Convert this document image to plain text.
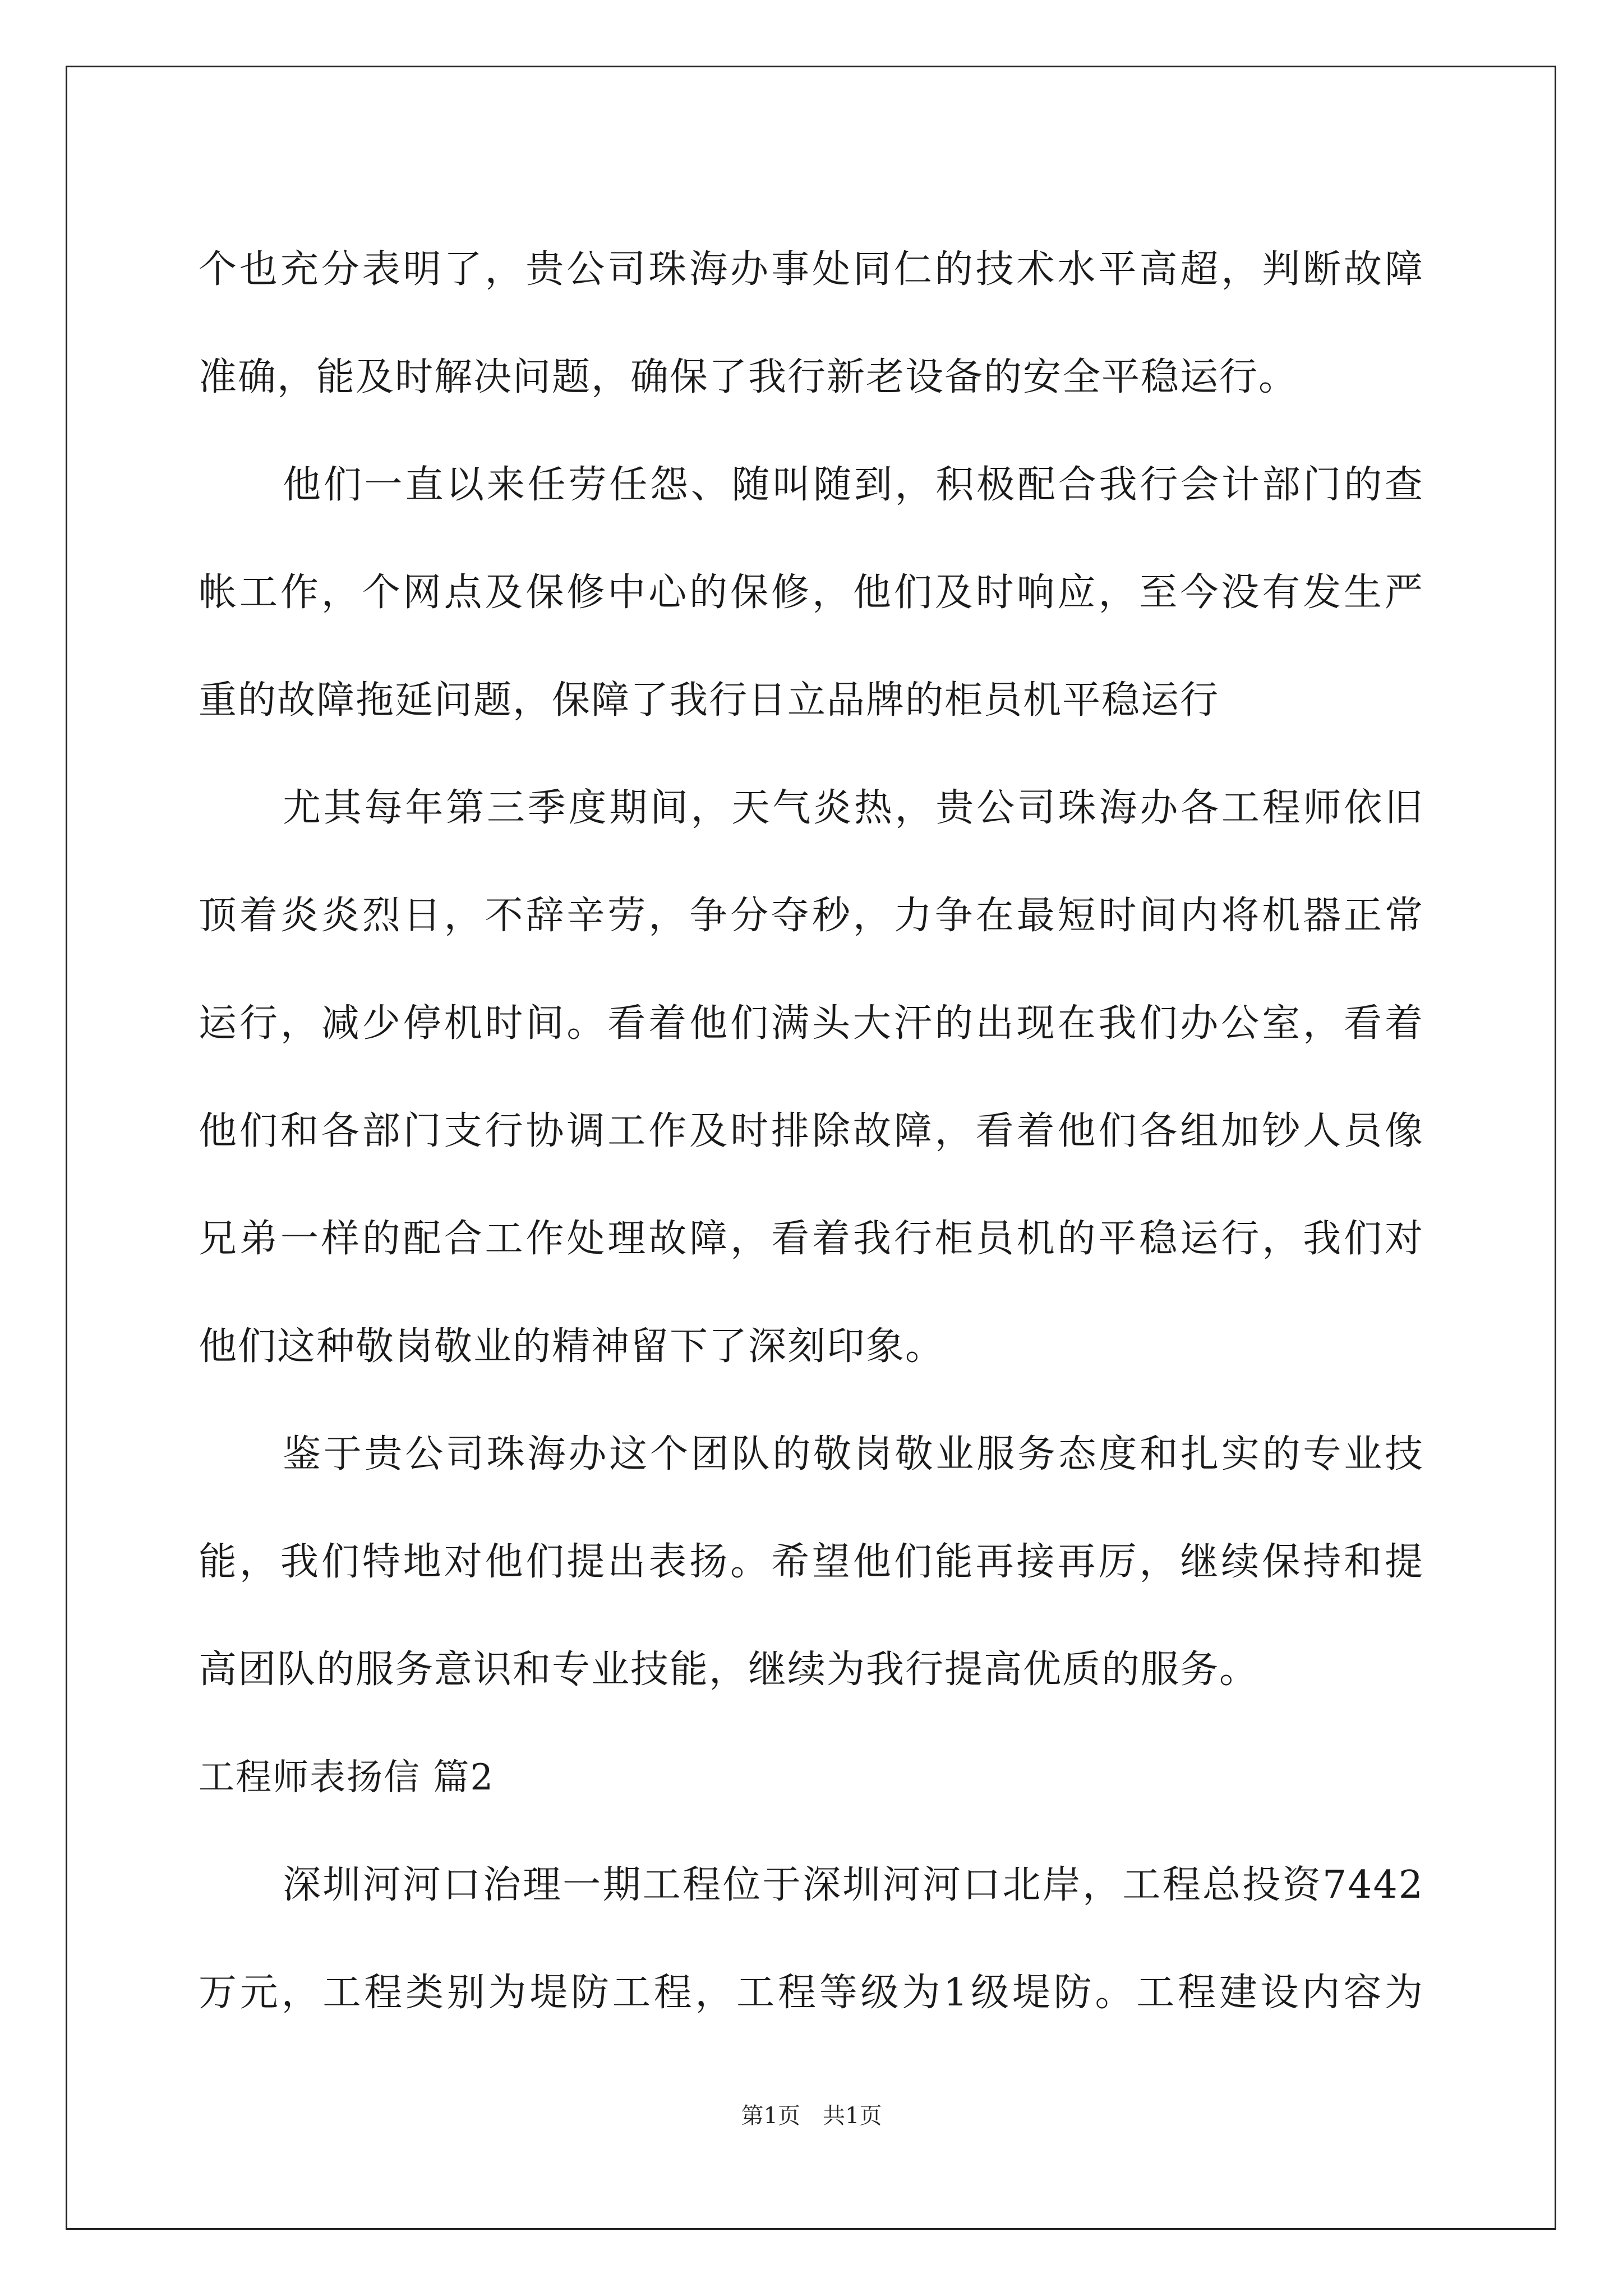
个也充分表明了，贵公司珠海办事处同仁的技术水平高超，判断故障
准确，能及时解决问题，确保了我行新老设备的安全平稳运行。
他们一直以来任劳任怨、随叫随到，积极配合我行会计部门的查
帐工作，个网点及保修中心的保修，他们及时响应，至今没有发生严
重的故障拖延问题，保障了我行日立品牌的柜员机平稳运行
尤其每年第三季度期间，天气炎热，贵公司珠海办各工程师依旧
顶着炎炎烈日，不辞辛劳，争分夺秒，力争在最短时间内将机器正常
运行，减少停机时间。看着他们满头大汗的出现在我们办公室，看着
他们和各部门支行协调工作及时排除故障，看着他们各组加钞人员像
兄弟一样的配合工作处理故障，看着我行柜员机的平稳运行，我们对
他们这种敬岗敬业的精神留下了深刻印象。
鉴于贵公司珠海办这个团队的敬岗敬业服务态度和扎实的专业技
能，我们特地对他们提出表扬。希望他们能再接再厉，继续保持和提
高团队的服务意识和专业技能，继续为我行提高优质的服务。
工程师表扬信 篇2
深圳河河口治理一期工程位于深圳河河口北岸，工程总投资7442
万元，工程类别为堤防工程，工程等级为1级堤防。工程建设内容为
第1页　共1页
